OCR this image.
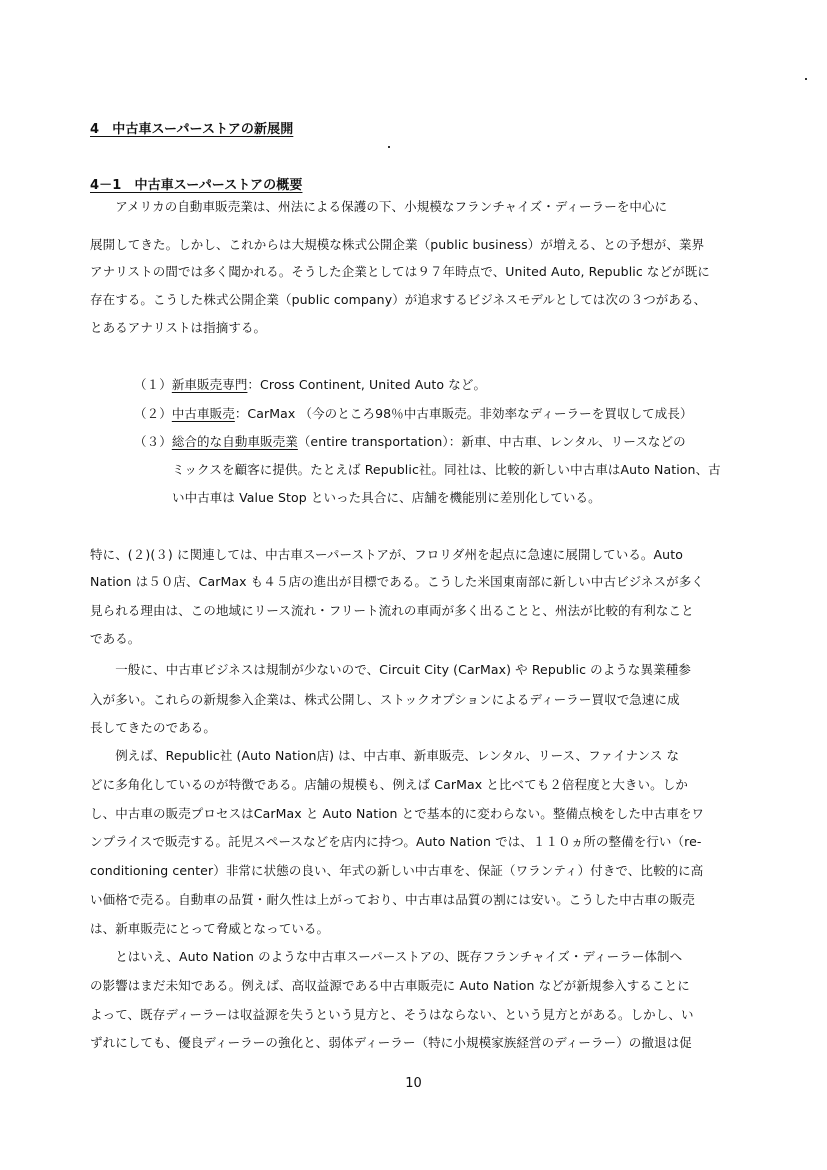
4　中古車スーパーストアの新展開
4－1　中古車スーパーストアの概要
　　アメリカの自動車販売業は、州法による保護の下、小規模なフランチャイズ・ディーラーを中心に
展開してきた。しかし、これからは大規模な株式公開企業（public business）が増える、との予想が、業界
アナリストの間では多く聞かれる。そうした企業としては９７年時点で、United Auto, Republic などが既に
存在する。こうした株式公開企業（public company）が追求するビジネスモデルとしては次の３つがある、
とあるアナリストは指摘する。
（１）新車販売専門：Cross Continent, United Auto など。
（２）中古車販売：CarMax （今のところ98％中古車販売。非効率なディーラーを買収して成長）
（３）総合的な自動車販売業（entire transportation）：新車、中古車、レンタル、リースなどの
ミックスを顧客に提供。たとえば Republic社。同社は、比較的新しい中古車はAuto Nation、古
い中古車は Value Stop といった具合に、店舗を機能別に差別化している。
特に、(２)(３) に関連しては、中古車スーパーストアが、フロリダ州を起点に急速に展開している。Auto
Nation は５０店、CarMax も４５店の進出が目標である。こうした米国東南部に新しい中古ビジネスが多く
見られる理由は、この地域にリース流れ・フリート流れの車両が多く出ることと、州法が比較的有利なこと
である。
　　一般に、中古車ビジネスは規制が少ないので、Circuit City (CarMax) や Republic のような異業種参
入が多い。これらの新規参入企業は、株式公開し、ストックオプションによるディーラー買収で急速に成
長してきたのである。
　　例えば、Republic社 (Auto Nation店) は、中古車、新車販売、レンタル、リース、ファイナンス な
どに多角化しているのが特徴である。店舗の規模も、例えば CarMax と比べても２倍程度と大きい。しか
し、中古車の販売プロセスはCarMax と Auto Nation とで基本的に変わらない。整備点検をした中古車をワ
ンプライスで販売する。託児スペースなどを店内に持つ。Auto Nation では、１１０ヵ所の整備を行い（re-
conditioning center）非常に状態の良い、年式の新しい中古車を、保証（ワランティ）付きで、比較的に高
い価格で売る。自動車の品質・耐久性は上がっており、中古車は品質の割には安い。こうした中古車の販売
は、新車販売にとって脅威となっている。
　　とはいえ、Auto Nation のような中古車スーパーストアの、既存フランチャイズ・ディーラー体制へ
の影響はまだ未知である。例えば、高収益源である中古車販売に Auto Nation などが新規参入することに
よって、既存ディーラーは収益源を失うという見方と、そうはならない、という見方とがある。しかし、い
ずれにしても、優良ディーラーの強化と、弱体ディーラー（特に小規模家族経営のディーラー）の撤退は促
10
